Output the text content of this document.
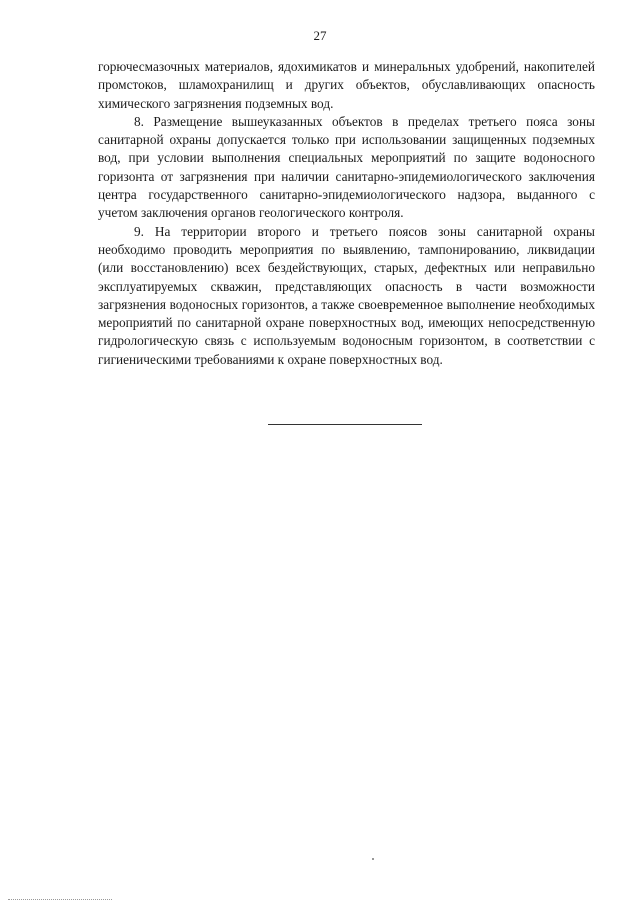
27

горючесмазочных материалов, ядохимикатов и минеральных удобрений, накопителей промстоков, шламохранилищ и других объектов, обуславливающих опасность химического загрязнения подземных вод.

8. Размещение вышеуказанных объектов в пределах третьего пояса зоны санитарной охраны допускается только при использовании защищенных подземных вод, при условии выполнения специальных мероприятий по защите водоносного горизонта от загрязнения при наличии санитарно-эпидемиологического заключения центра государственного санитарно-эпидемиологического надзора, выданного с учетом заключения органов геологического контроля.

9. На территории второго и третьего поясов зоны санитарной охраны необходимо проводить мероприятия по выявлению, тампонированию, ликвидации (или восстановлению) всех бездействующих, старых, дефектных или неправильно эксплуатируемых скважин, представляющих опасность в части возможности загрязнения водоносных горизонтов, а также своевременное выполнение необходимых мероприятий по санитарной охране поверхностных вод, имеющих непосредственную гидрологическую связь с используемым водоносным горизонтом, в соответствии с гигиеническими требованиями к охране поверхностных вод.
